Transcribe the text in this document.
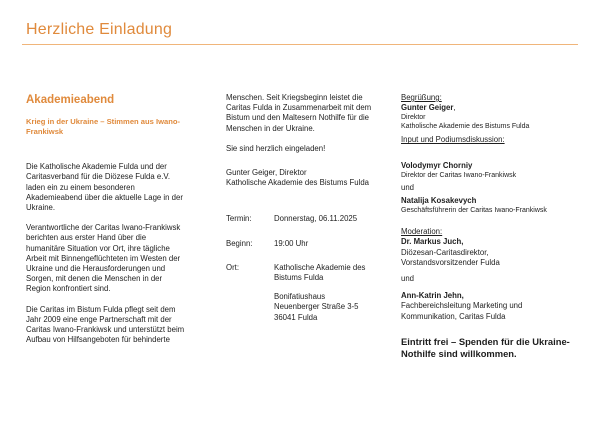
Herzliche Einladung

Akademieabend

Krieg in der Ukraine – Stimmen aus Iwano-Frankiwsk

Die Katholische Akademie Fulda und der Caritasverband für die Diözese Fulda e.V. laden ein zu einem besonderen Akademieabend über die aktuelle Lage in der Ukraine.

Verantwortliche der Caritas Iwano-Frankiwsk berichten aus erster Hand über die humanitäre Situation vor Ort, ihre tägliche Arbeit mit Binnengeflüchteten im Westen der Ukraine und die Herausforderungen und Sorgen, mit denen die Menschen in der Region konfrontiert sind.

Die Caritas im Bistum Fulda pflegt seit dem Jahr 2009 eine enge Partnerschaft mit der Caritas Iwano-Frankiwsk und unterstützt beim Aufbau von Hilfsangeboten für behinderte

Menschen. Seit Kriegsbeginn leistet die Caritas Fulda in Zusammenarbeit mit dem Bistum und den Maltesern Nothilfe für die Menschen in der Ukraine.

Sie sind herzlich eingeladen!

Gunter Geiger, Direktor
Katholische Akademie des Bistums Fulda

Termin:	Donnerstag, 06.11.2025
Beginn:	19:00 Uhr
Ort:	Katholische Akademie des Bistums Fulda

Bonifatiushaus

Neuenberger Straße 3-5

36041 Fulda

Begrüßung:

Gunter Geiger,

Direktor
Katholische Akademie des Bistums Fulda

Input und Podiumsdiskussion:

Volodymyr Chorniy

Direktor der Caritas Iwano-Frankiwsk

und

Natalija Kosakevych

Geschäftsführerin der Caritas Iwano-Frankiwsk

Moderation:

Dr. Markus Juch,

Diözesan-Caritasdirektor,
Vorstandsvorsitzender Fulda

und

Ann-Katrin Jehn,

Fachbereichsleitung Marketing und Kommunikation, Caritas Fulda

Eintritt frei – Spenden für die Ukraine-Nothilfe sind willkommen.
